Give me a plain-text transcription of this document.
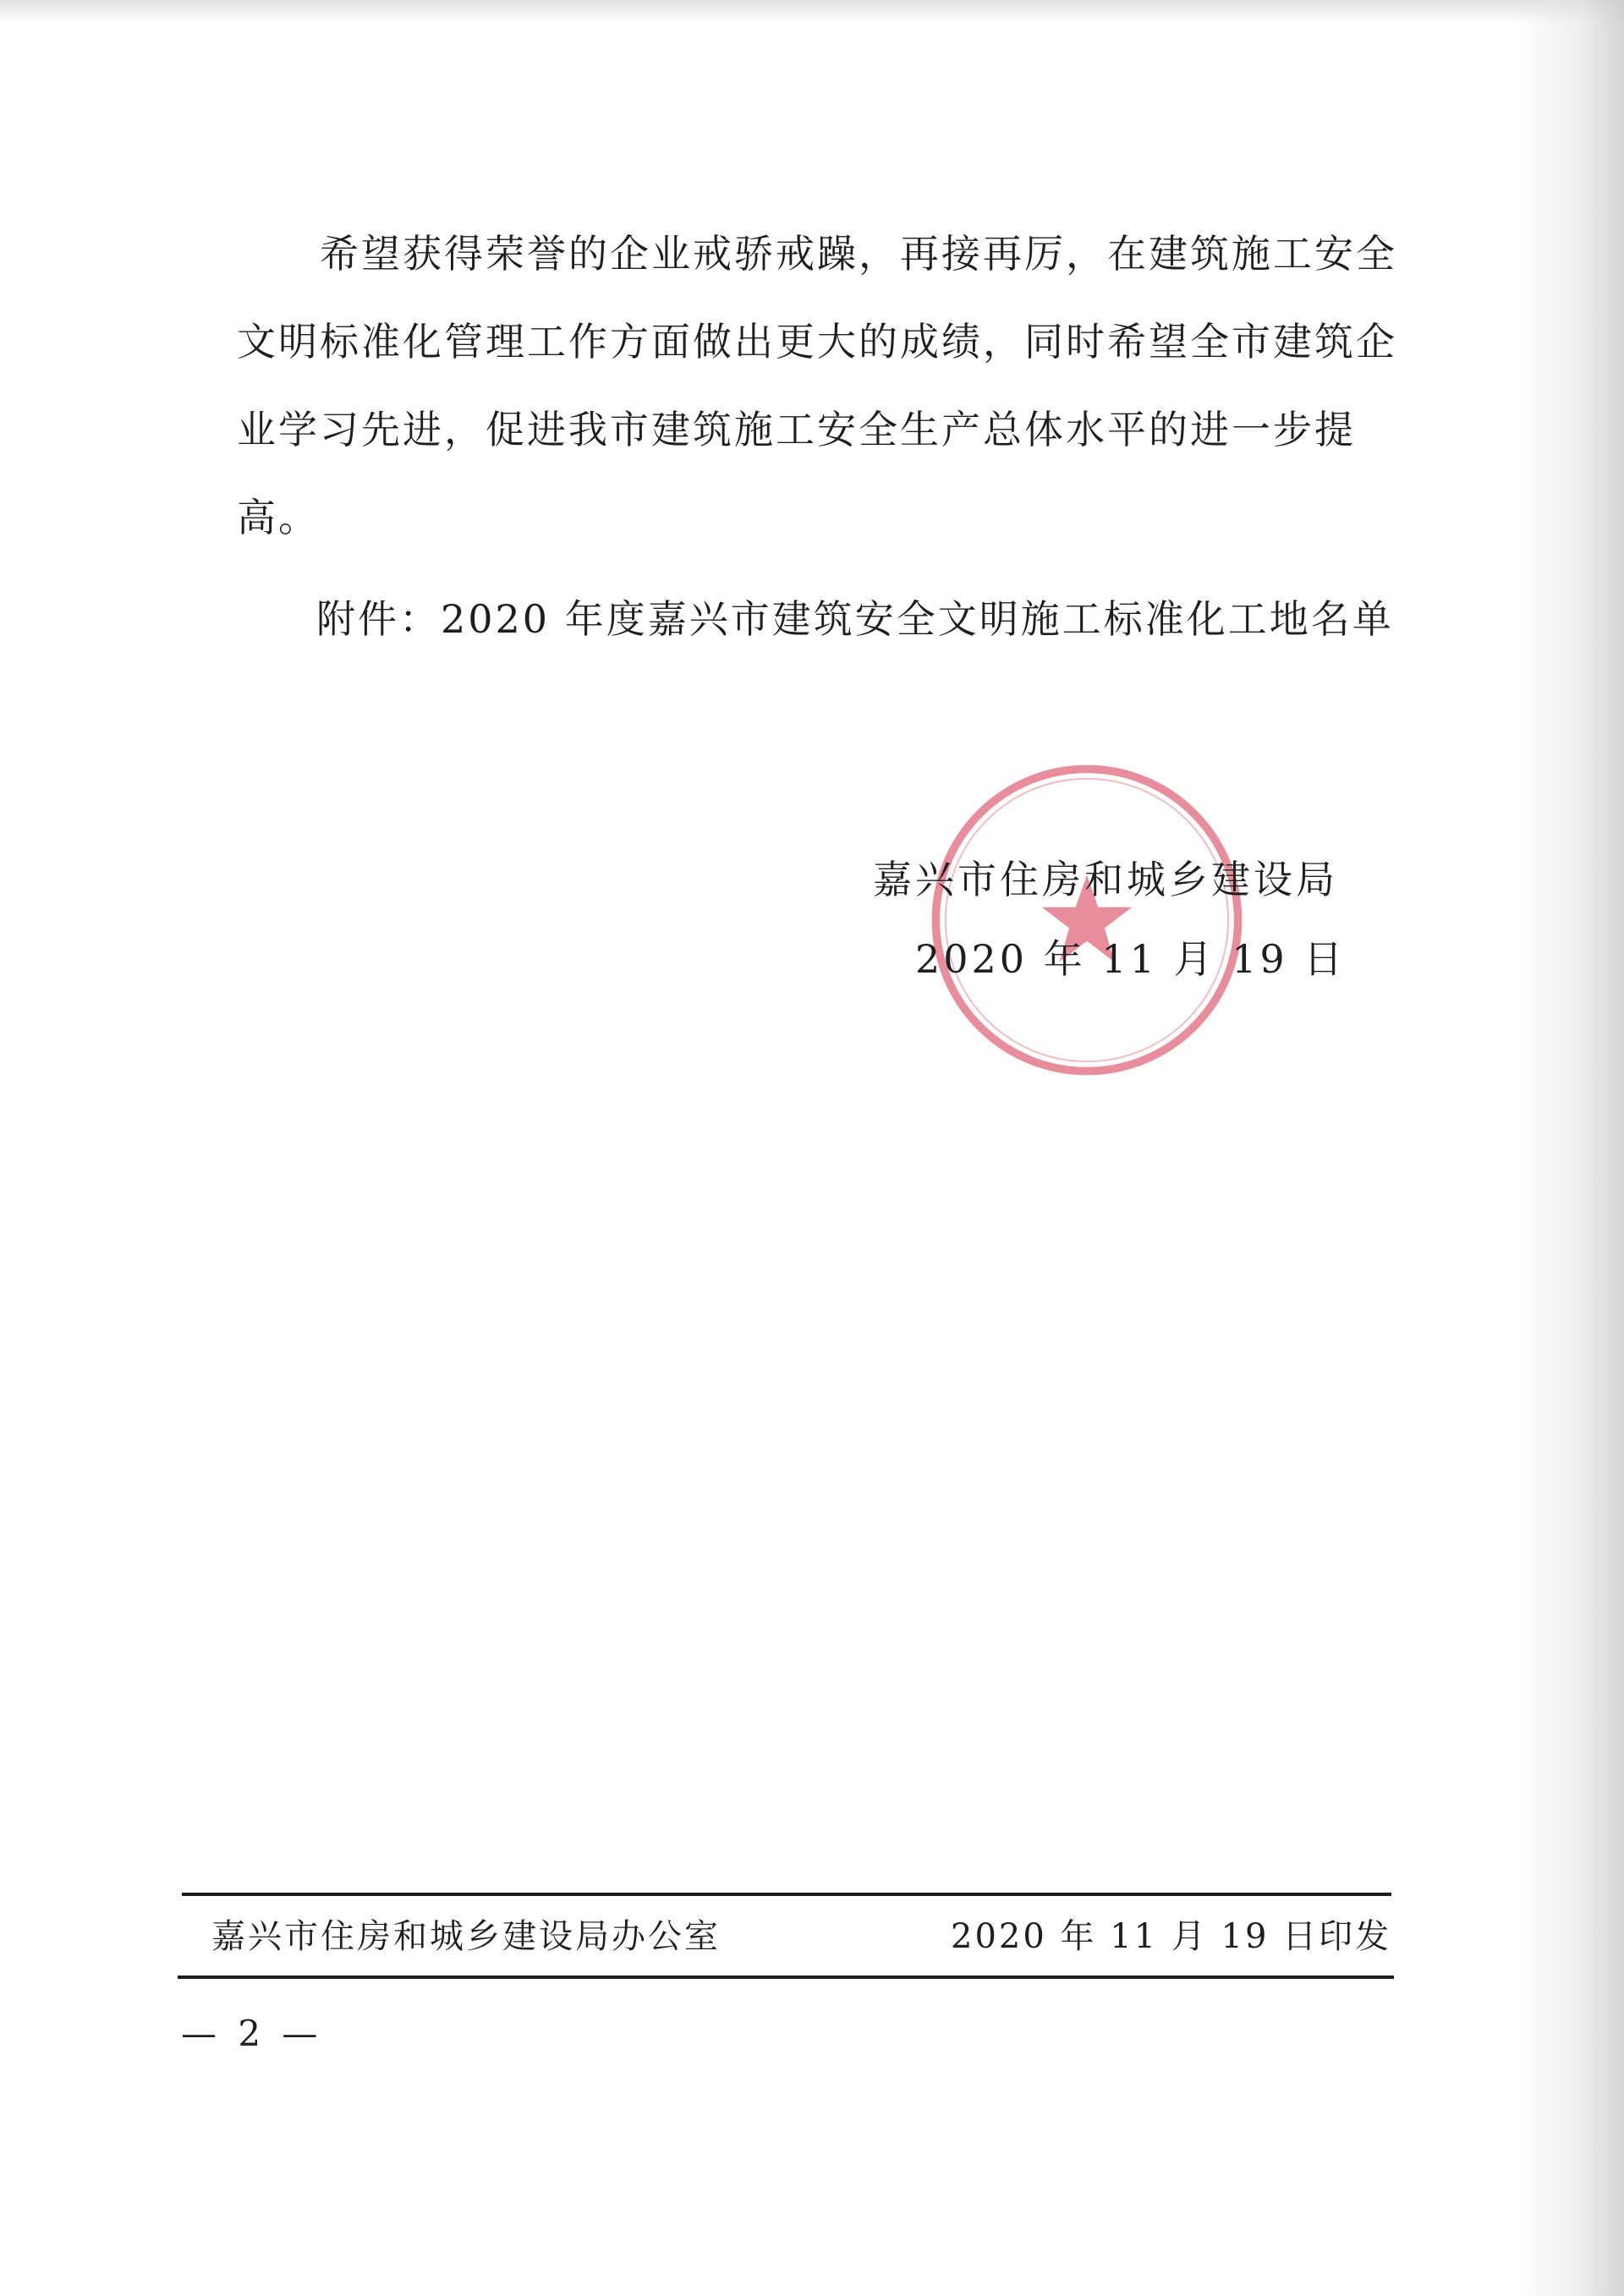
希望获得荣誉的企业戒骄戒躁，再接再厉，在建筑施工安全

文明标准化管理工作方面做出更大的成绩，同时希望全市建筑企
业学习先进，促进我市建筑施工安全生产总体水平的进一步提
高。
附件：2020 年度嘉兴市建筑安全文明施工标准化工地名单
嘉兴市住房和城乡建设局
2020 年 11 月 19 日
嘉兴市住房和城乡建设局办公室	2020 年 11 月 19 日印发
— 2 —
